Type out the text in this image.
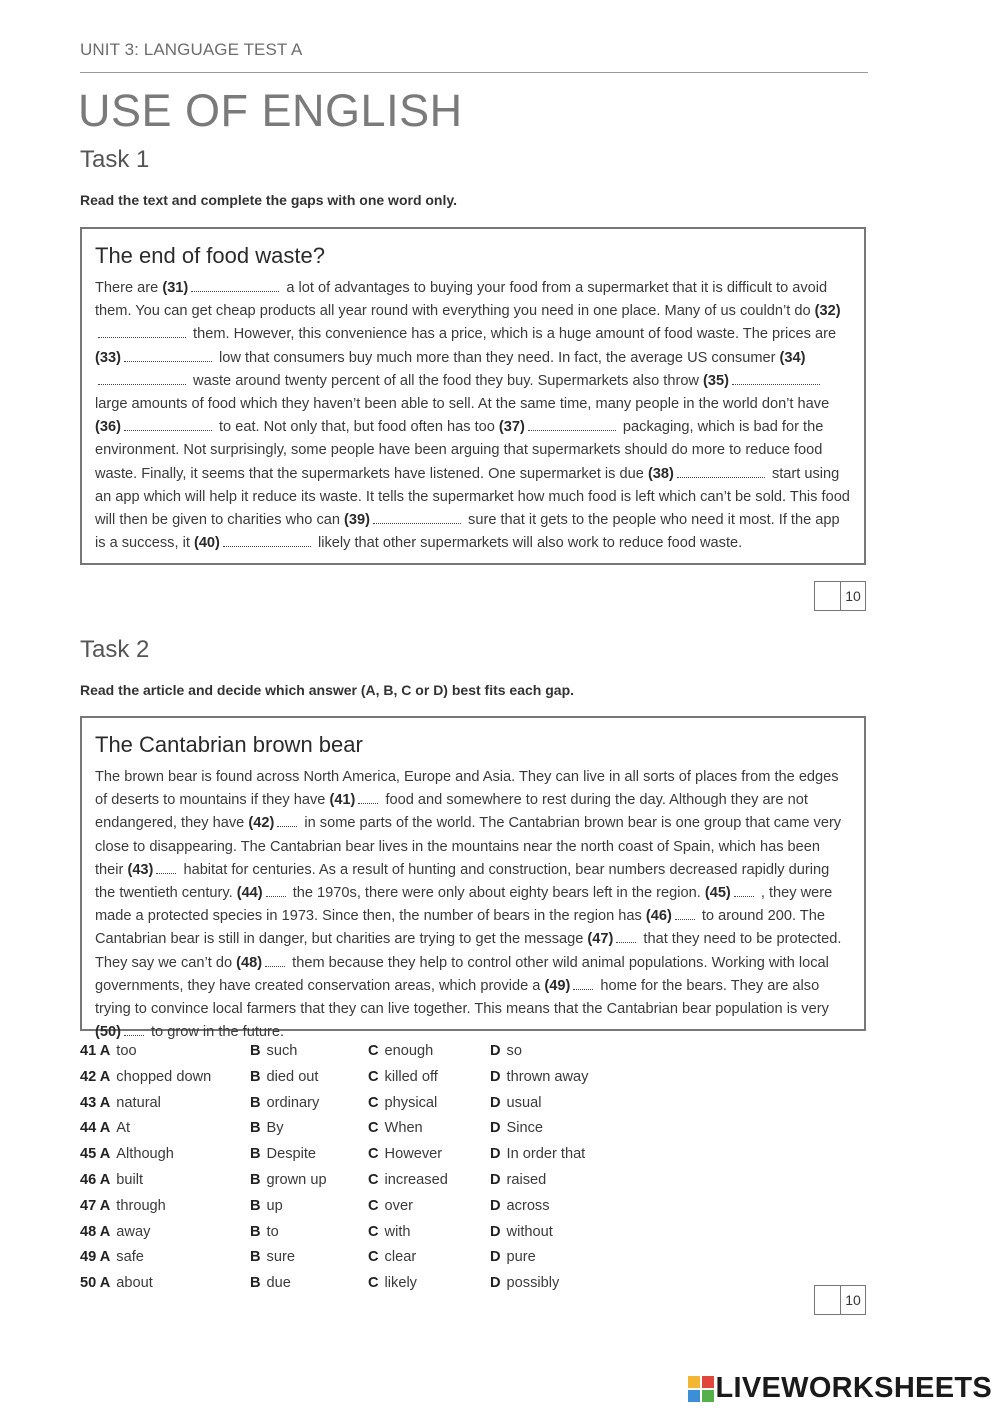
UNIT 3: LANGUAGE TEST A
USE OF ENGLISH
Task 1
Read the text and complete the gaps with one word only.
The end of food waste?
There are (31)	a lot of advantages to buying your food from a supermarket that it is difficult to avoid them. You can get cheap products all year round with everything you need in one place. Many of us couldn’t do (32) them. However, this convenience has a price, which is a huge amount of food waste. The prices are (33)	low that consumers buy much more than they need. In fact, the average US consumer (34) waste around twenty percent of all the food they buy. Supermarkets also throw (35) large amounts of food which they haven’t been able to sell. At the same time, many people in the world don’t have (36)	to eat. Not only that, but food often has too (37)	packaging, which is bad for the environment. Not surprisingly, some people have been arguing that supermarkets should do more to reduce food waste. Finally, it seems that the supermarkets have listened. One supermarket is due (38)	start using an app which will help it reduce its waste. It tells the supermarket how much food is left which can’t be sold. This food will then be given to charities who can (39)	sure that it gets to the people who need it most. If the app is a success, it (40)	likely that other supermarkets will also work to reduce food waste.
10
Task 2
Read the article and decide which answer (A, B, C or D) best fits each gap.
The Cantabrian brown bear
The brown bear is found across North America, Europe and Asia. They can live in all sorts of places from the edges of deserts to mountains if they have (41) food and somewhere to rest during the day. Although they are not endangered, they have (42) in some parts of the world. The Cantabrian brown bear is one group that came very close to disappearing. The Cantabrian bear lives in the mountains near the north coast of Spain, which has been their (43) habitat for centuries. As a result of hunting and construction, bear numbers decreased rapidly during the twentieth century. (44) the 1970s, there were only about eighty bears left in the region. (45) , they were made a protected species in 1973. Since then, the number of bears in the region has (46) to around 200. The Cantabrian bear is still in danger, but charities are trying to get the message (47) that they need to be protected. They say we can’t do (48) them because they help to control other wild animal populations. Working with local governments, they have created conservation areas, which provide a (49) home for the bears. They are also trying to convince local farmers that they can live together. This means that the Cantabrian bear population is very (50) to grow in the future.
41 A too	B such	C enough	D so
42 A chopped down	B died out	C killed off	D thrown away
43 A natural	B ordinary	C physical	D usual
44 A At	B By	C When	D Since
45 A Although	B Despite	C However	D In order that
46 A built	B grown up	C increased	D raised
47 A through	B up	C over	D across
48 A away	B to	C with	D without
49 A safe	B sure	C clear	D pure
50 A about	B due	C likely	D possibly
10
LIVEWORKSHEETS
